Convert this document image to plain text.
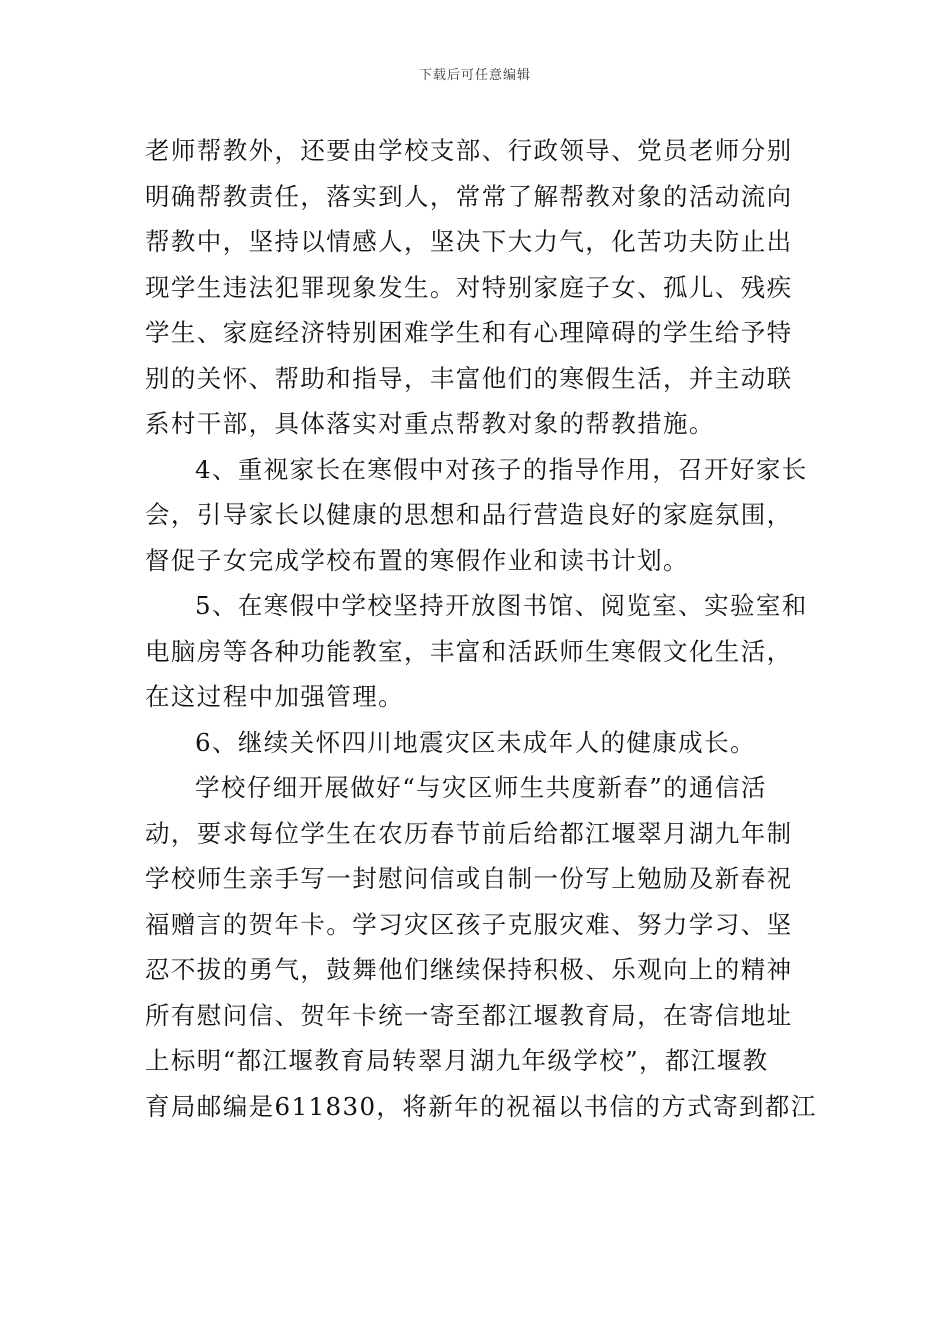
下载后可任意编辑
老师帮教外，还要由学校支部、行政领导、党员老师分别
明确帮教责任，落实到人，常常了解帮教对象的活动流向
帮教中，坚持以情感人，坚决下大力气，化苦功夫防止出
现学生违法犯罪现象发生。对特别家庭子女、孤儿、残疾
学生、家庭经济特别困难学生和有心理障碍的学生给予特
别的关怀、帮助和指导，丰富他们的寒假生活，并主动联
系村干部，具体落实对重点帮教对象的帮教措施。
4、重视家长在寒假中对孩子的指导作用，召开好家长
会，引导家长以健康的思想和品行营造良好的家庭氛围，
督促子女完成学校布置的寒假作业和读书计划。
5、在寒假中学校坚持开放图书馆、阅览室、实验室和
电脑房等各种功能教室，丰富和活跃师生寒假文化生活，
在这过程中加强管理。
6、继续关怀四川地震灾区未成年人的健康成长。
学校仔细开展做好“与灾区师生共度新春”的通信活
动，要求每位学生在农历春节前后给都江堰翠月湖九年制
学校师生亲手写一封慰问信或自制一份写上勉励及新春祝
福赠言的贺年卡。学习灾区孩子克服灾难、努力学习、坚
忍不拔的勇气，鼓舞他们继续保持积极、乐观向上的精神
所有慰问信、贺年卡统一寄至都江堰教育局，在寄信地址
上标明“都江堰教育局转翠月湖九年级学校”，都江堰教
育局邮编是611830，将新年的祝福以书信的方式寄到都江
